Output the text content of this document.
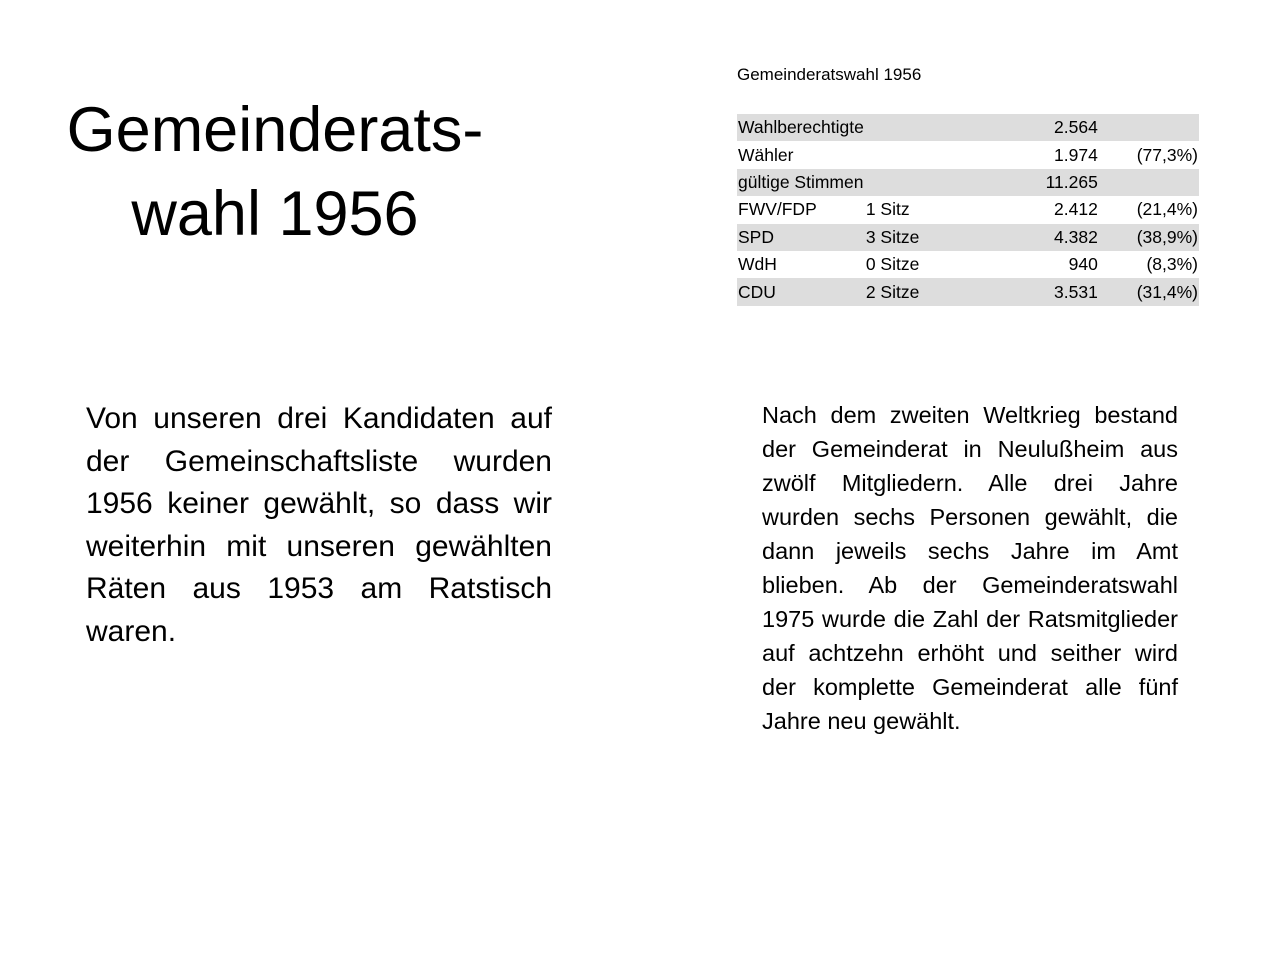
Gemeinderats-
wahl 1956
Gemeinderatswahl 1956
Wahlberechtigte		2.564	
Wähler		1.974	(77,3%)
gültige Stimmen		11.265	
FWV/FDP	1 Sitz	2.412	(21,4%)
SPD	3 Sitze	4.382	(38,9%)
WdH	0 Sitze	940	(8,3%)
CDU	2 Sitze	3.531	(31,4%)

Von unseren drei Kandidaten auf der Gemeinschaftsliste wurden 1956 keiner gewählt, so dass wir weiterhin mit unseren gewählten Räten aus 1953 am Ratstisch waren.

Nach dem zweiten Weltkrieg bestand der Gemeinderat in Neulußheim aus zwölf Mitgliedern. Alle drei Jahre wurden sechs Personen gewählt, die dann jeweils sechs Jahre im Amt blieben. Ab der Gemeinderatswahl 1975 wurde die Zahl der Ratsmitglieder auf achtzehn erhöht und seither wird der komplette Gemeinderat alle fünf Jahre neu gewählt.
